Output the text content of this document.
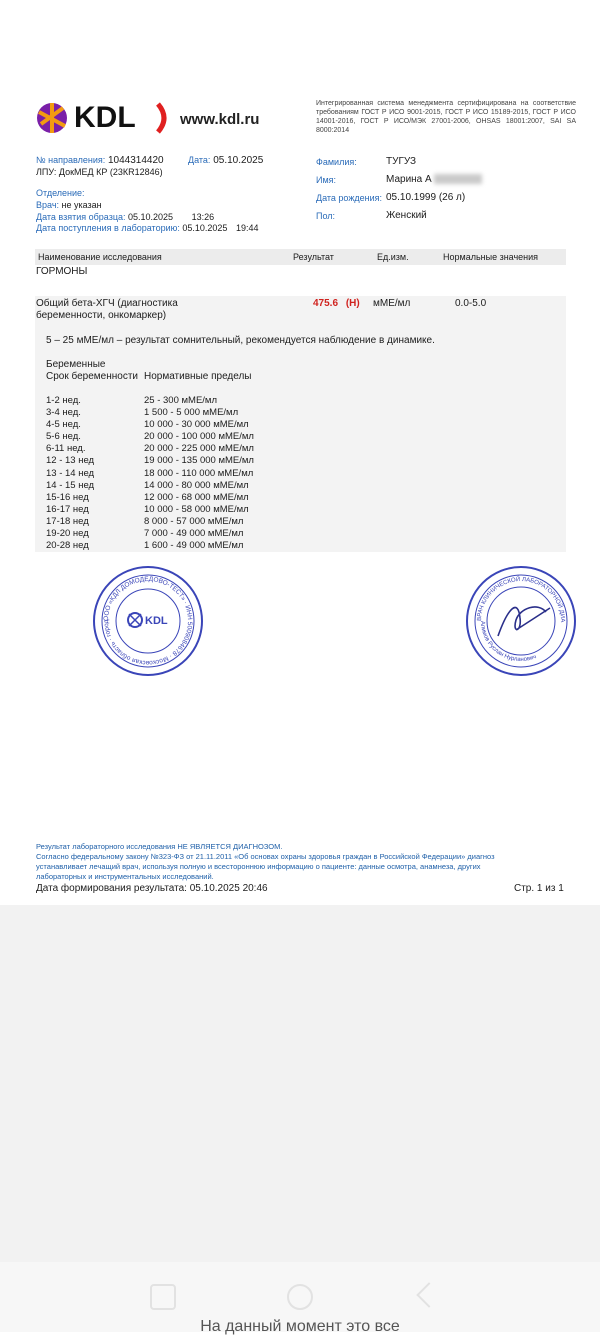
KDL	www.kdl.ru
Интегрированная система менеджмента сертифицирована на соответствие требованиям ГОСТ Р ИСО 9001-2015, ГОСТ Р ИСО 15189-2015, ГОСТ Р ИСО 14001-2016, ГОСТ Р ИСО/МЭК 27001-2006, OHSAS 18001:2007, SAI SA 8000:2014
№ направления: 1044314420	Дата: 05.10.2025
ЛПУ: ДокМЕД КР (23КR12846)
Отделение:
Врач: не указан
Дата взятия образца: 05.10.2025 13:26
Дата поступления в лабораторию: 05.10.2025 19:44
Фамилия:	ТУГУЗ
Имя:	Марина А
Дата рождения: 05.10.1999 (26 л)
Пол:	Женский
Наименование исследования	Результат	Ед.изм.	Нормальные значения
ГОРМОНЫ
Общий бета-ХГЧ (диагностика
беременности, онкомаркер)
475.6 (H) мМЕ/мл	0.0-5.0
5 – 25 мМЕ/мл – результат сомнительный, рекомендуется наблюдение в динамике.
Беременные
Срок беременности Нормативные пределы
1-2 нед.	25 - 300 мМЕ/мл
3-4 нед.	1 500 - 5 000 мМЕ/мл
4-5 нед.	10 000 - 30 000 мМЕ/мл
5-6 нед.	20 000 - 100 000 мМЕ/мл
6-11 нед.	20 000 - 225 000 мМЕ/мл
12 - 13 нед	19 000 - 135 000 мМЕ/мл
13 - 14 нед	18 000 - 110 000 мМЕ/мл
14 - 15 нед	14 000 - 80 000 мМЕ/мл
15-16 нед	12 000 - 68 000 мМЕ/мл
16-17 нед	10 000 - 58 000 мМЕ/мл
17-18 нед	8 000 - 57 000 мМЕ/мл
19-20 нед	7 000 - 49 000 мМЕ/мл
20-28 нед	1 600 - 49 000 мМЕ/мл
ООО «КДЛ ДОМОДЕДОВО-ТЕСТ» · ИНН 5009084678 · Московская область · город	KDL	ВРАЧ КЛИНИЧЕСКОЙ ЛАБОРАТОРНОЙ ДИА
Алимов Руслан Нурланович
Результат лабораторного исследования НЕ ЯВЛЯЕТСЯ ДИАГНОЗОМ.
Согласно федеральному закону №323-ФЗ от 21.11.2011 «Об основах охраны здоровья граждан в Российской Федерации» диагноз
устанавливает лечащий врач, используя полную и всестороннюю информацию о пациенте: данные осмотра, анамнеза, других
лабораторных и инструментальных исследований.
Дата формирования результата: 05.10.2025 20:46	Стр. 1 из 1
На данный момент это все
